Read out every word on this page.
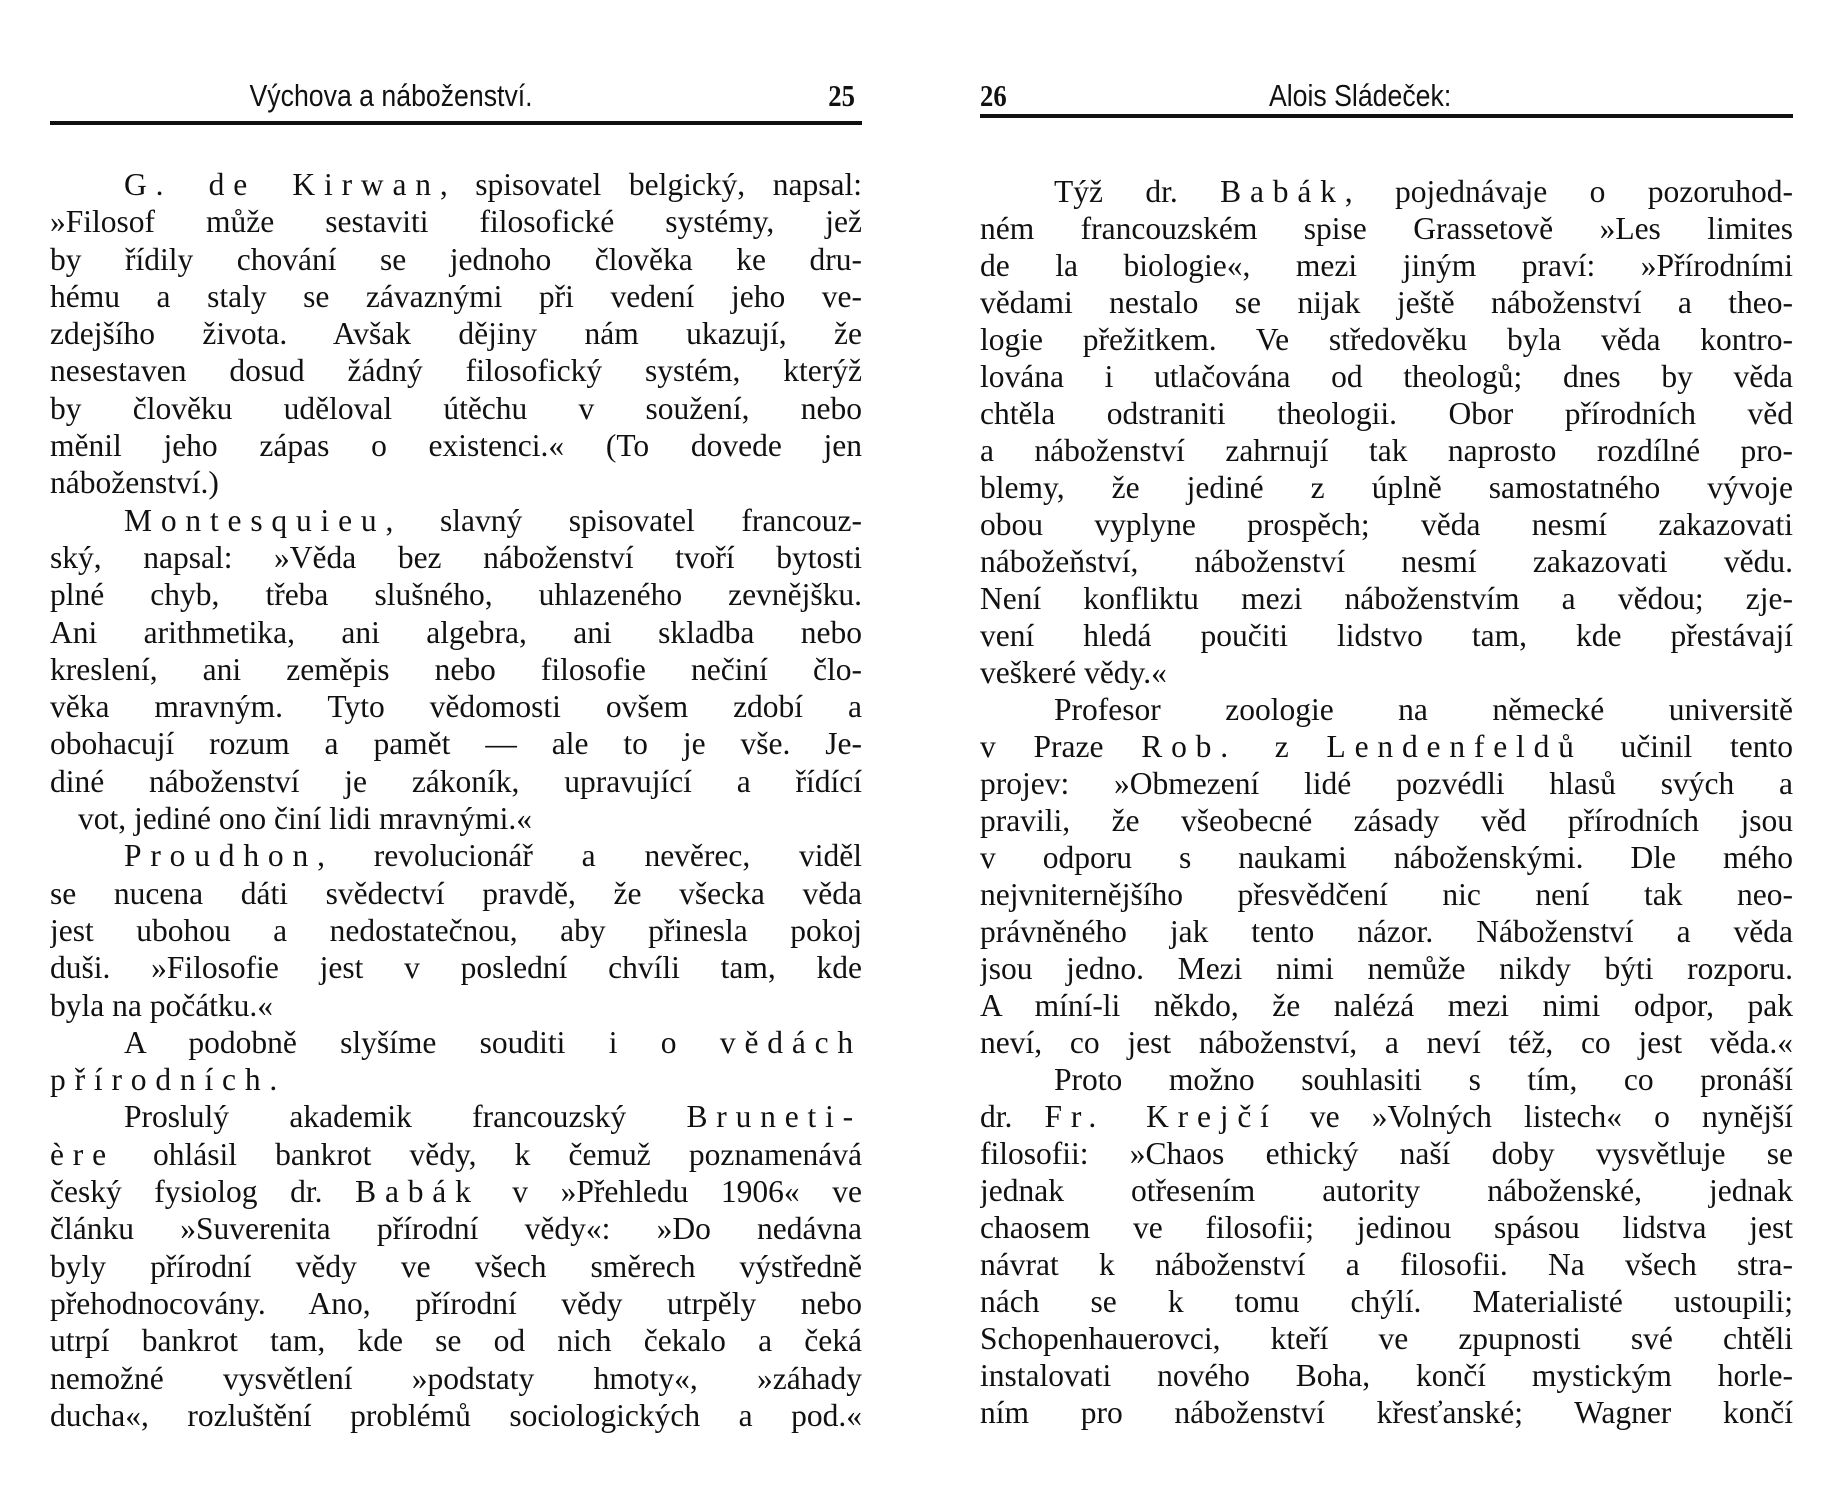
Výchova a náboženství.	25
G. de Kirwan, spisovatel belgický, napsal:
»Filosof může sestaviti filosofické systémy, jež
by řídily chování se jednoho člověka ke dru-
hému a staly se závaznými při vedení jeho ve-
zdejšího života. Avšak dějiny nám ukazují, že
nesestaven dosud žádný filosofický systém, kterýž
by člověku uděloval útěchu v soužení, nebo
měnil jeho zápas o existenci.« (To dovede jen
náboženství.)
Montesquieu, slavný spisovatel francouz-
ský, napsal: »Věda bez náboženství tvoří bytosti
plné chyb, třeba slušného, uhlazeného zevnějšku.
Ani arithmetika, ani algebra, ani skladba nebo
kreslení, ani zeměpis nebo filosofie nečiní člo-
věka mravným. Tyto vědomosti ovšem zdobí a
obohacují rozum a pamět — ale to je vše. Je-
diné náboženství je zákoník, upravující a řídící
vot, jediné ono činí lidi mravnými.«
Proudhon, revolucionář a nevěrec, viděl
se nucena dáti svědectví pravdě, že všecka věda
jest ubohou a nedostatečnou, aby přinesla pokoj
duši. »Filosofie jest v poslední chvíli tam, kde
byla na počátku.«
A podobně slyšíme souditi i o vědách
přírodních.
Proslulý akademik francouzský Bruneti-
ère ohlásil bankrot vědy, k čemuž poznamenává
český fysiolog dr. Babák v »Přehledu 1906« ve
článku »Suverenita přírodní vědy«: »Do nedávna
byly přírodní vědy ve všech směrech výstředně
přehodnocovány. Ano, přírodní vědy utrpěly nebo
utrpí bankrot tam, kde se od nich čekalo a čeká
nemožné vysvětlení »podstaty hmoty«, »záhady
ducha«, rozluštění problémů sociologických a pod.«
26	Alois Sládeček:
Týž dr. Babák, pojednávaje o pozoruhod-
ném francouzském spise Grassetově »Les limites
de la biologie«, mezi jiným praví: »Přírodními
vědami nestalo se nijak ještě náboženství a theo-
logie přežitkem. Ve středověku byla věda kontro-
lována i utlačována od theologů; dnes by věda
chtěla odstraniti theologii. Obor přírodních věd
a náboženství zahrnují tak naprosto rozdílné pro-
blemy, že jediné z úplně samostatného vývoje
obou vyplyne prospěch; věda nesmí zakazovati
nábožeňství, náboženství nesmí zakazovati vědu.
Není konfliktu mezi náboženstvím a vědou; zje-
vení hledá poučiti lidstvo tam, kde přestávají
veškeré vědy.«
Profesor zoologie na německé universitě
v Praze Rob. z Lendenfeldů učinil tento
projev: »Obmezení lidé pozvédli hlasů svých a
pravili, že všeobecné zásady věd přírodních jsou
v odporu s naukami náboženskými. Dle mého
nejvniternějšího přesvědčení nic není tak neo-
právněného jak tento názor. Náboženství a věda
jsou jedno. Mezi nimi nemůže nikdy býti rozporu.
A míní-li někdo, že nalézá mezi nimi odpor, pak
neví, co jest náboženství, a neví též, co jest věda.«
Proto možno souhlasiti s tím, co pronáší
dr. Fr. Krejčí ve »Volných listech« o nynější
filosofii: »Chaos ethický naší doby vysvětluje se
jednak otřesením autority náboženské, jednak
chaosem ve filosofii; jedinou spásou lidstva jest
návrat k náboženství a filosofii. Na všech stra-
nách se k tomu chýlí. Materialisté ustoupili;
Schopenhauerovci, kteří ve zpupnosti své chtěli
instalovati nového Boha, končí mystickým horle-
ním pro náboženství křesťanské; Wagner končí
